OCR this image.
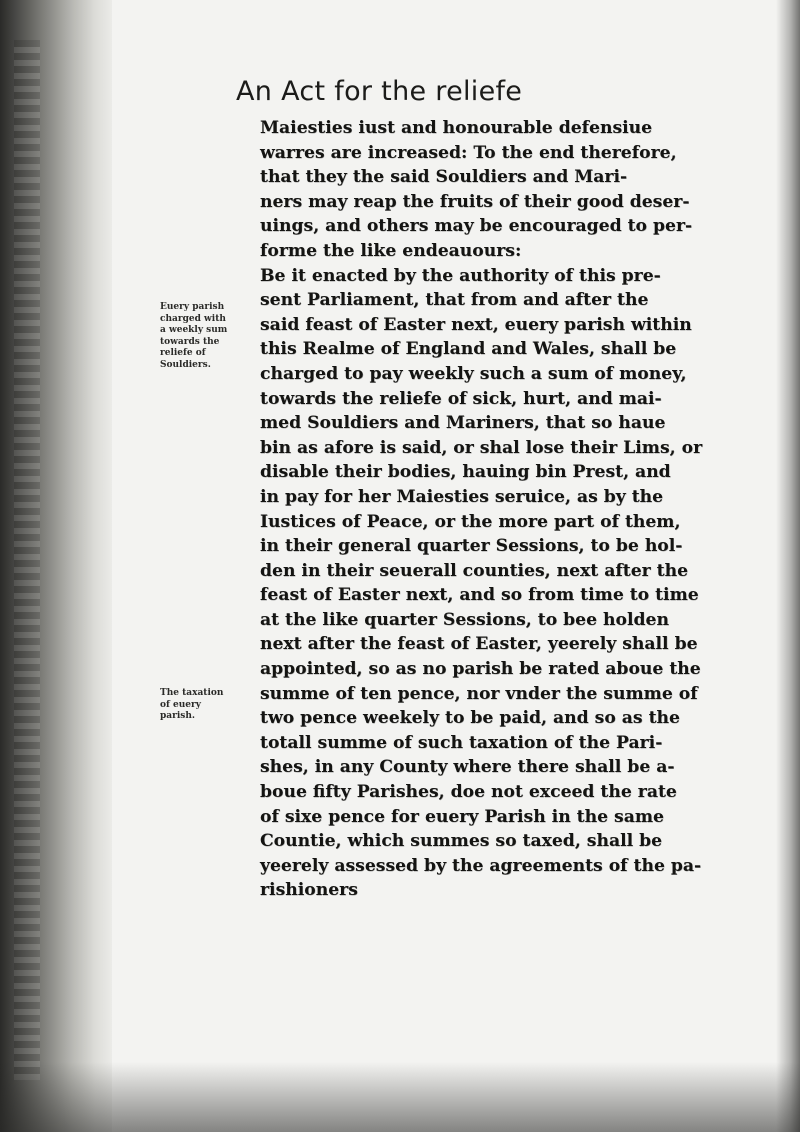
An Act for the reliefe
Euery parish
charged with
a weekly sum
towards the
reliefe of
Souldiers.
The taxation
of euery parish.
Maiesties iust and honourable defensiue
warres are increased: To the end therefore,
that they the said Souldiers and Mari-
ners may reap the fruits of their good deser-
uings, and others may be encouraged to per-
forme the like endeauours:
Be it enacted by the authority of this pre-
sent Parliament, that from and after the
said feast of Easter next, euery parish within
this Realme of England and Wales, shall be
charged to pay weekly such a sum of money,
towards the reliefe of sick, hurt, and mai-
med Souldiers and Mariners, that so haue
bin as afore is said, or shal lose their Lims, or
disable their bodies, hauing bin Prest, and
in pay for her Maiesties seruice, as by the
Iustices of Peace, or the more part of them,
in their general quarter Sessions, to be hol-
den in their seuerall counties, next after the
feast of Easter next, and so from time to time
at the like quarter Sessions, to bee holden
next after the feast of Easter, yeerely shall be
appointed, so as no parish be rated aboue the
summe of ten pence, nor vnder the summe of
two pence weekely to be paid, and so as the
totall summe of such taxation of the Pari-
shes, in any County where there shall be a-
boue fifty Parishes, doe not exceed the rate
of sixe pence for euery Parish in the same
Countie, which summes so taxed, shall be
yeerely assessed by the agreements of the pa-
rishioners
